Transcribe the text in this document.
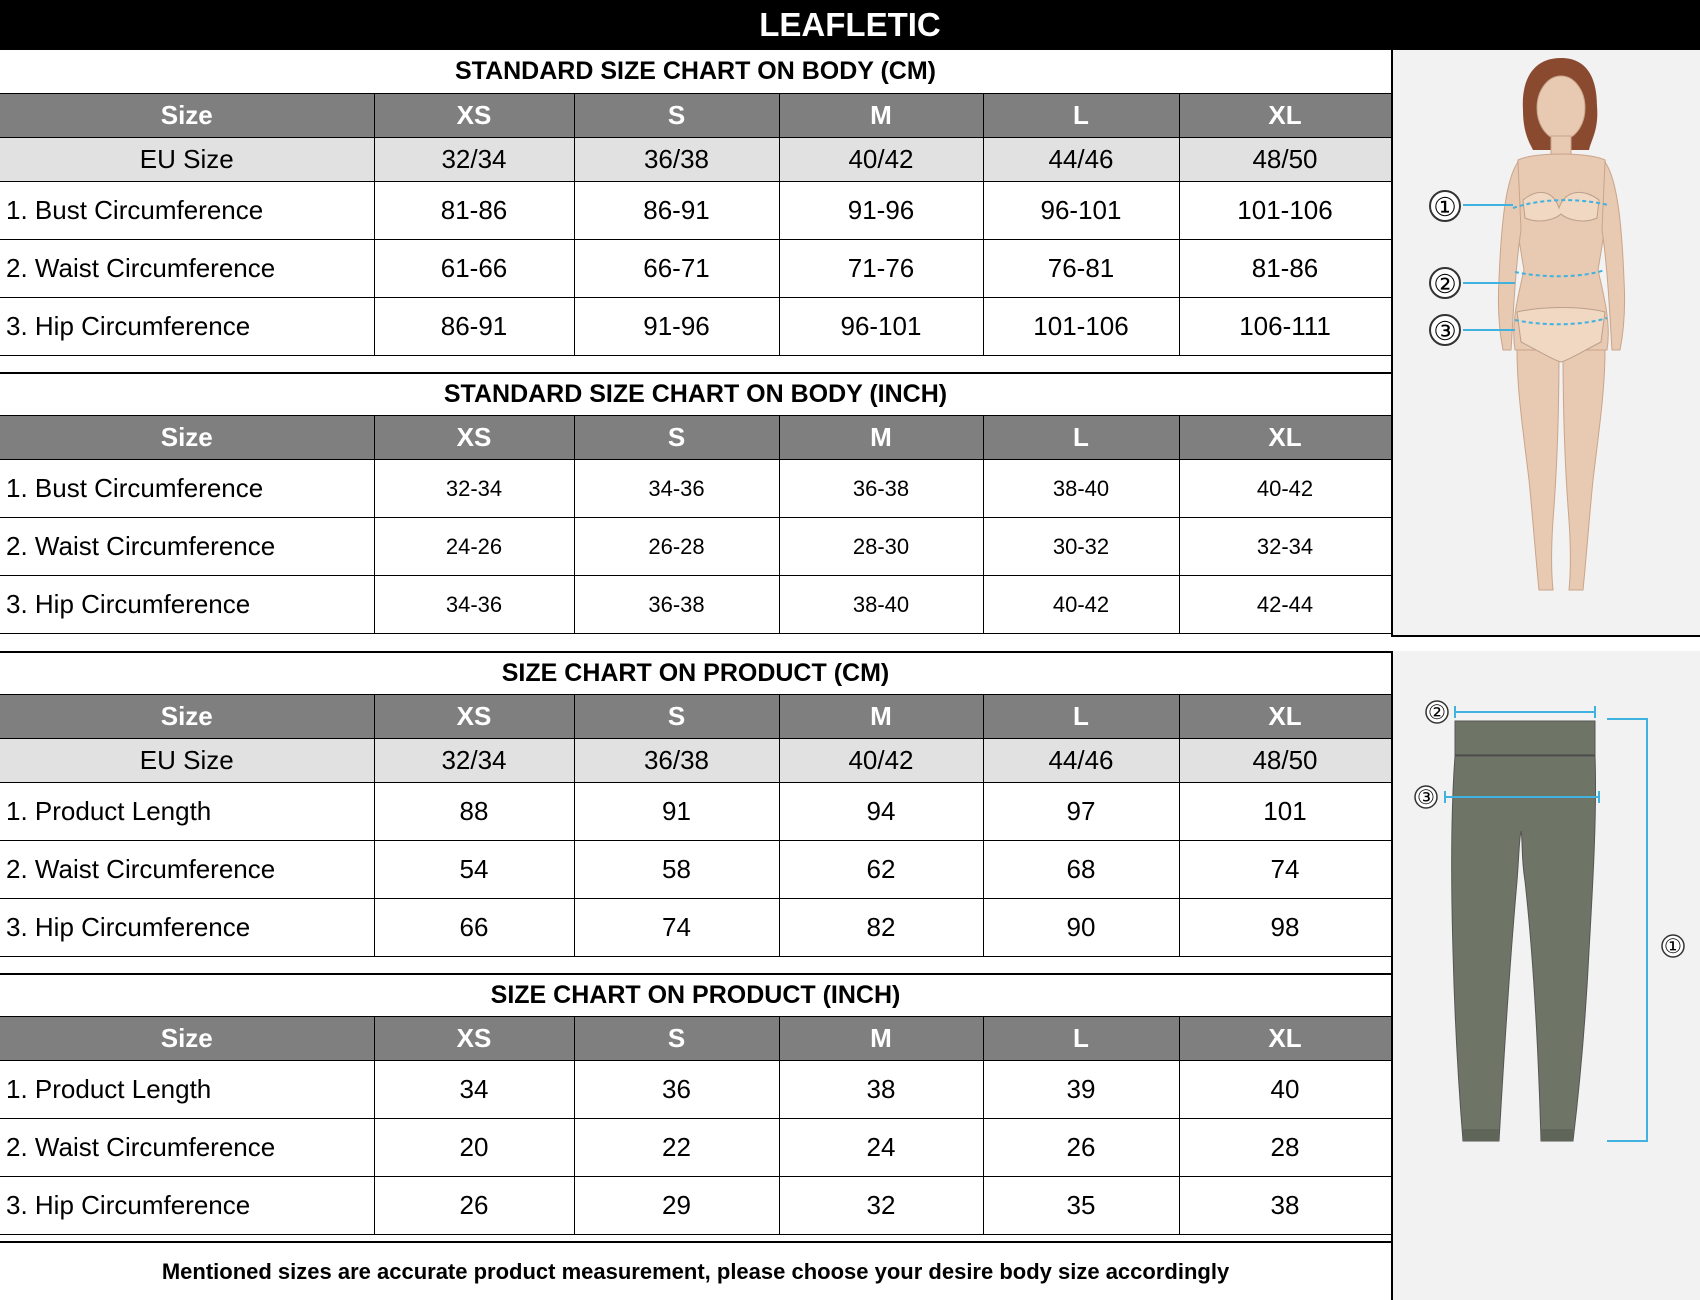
LEAFLETIC
STANDARD SIZE CHART ON BODY (CM)
Size	XS	S	M	L	XL
EU Size	32/34	36/38	40/42	44/46	48/50
1. Bust Circumference	81-86	86-91	91-96	96-101	101-106
2. Waist Circumference	61-66	66-71	71-76	76-81	81-86
3. Hip Circumference	86-91	91-96	96-101	101-106	106-111
STANDARD SIZE CHART ON BODY (INCH)
Size	XS	S	M	L	XL
1. Bust Circumference	32-34	34-36	36-38	38-40	40-42
2. Waist Circumference	24-26	26-28	28-30	30-32	32-34
3. Hip Circumference	34-36	36-38	38-40	40-42	42-44
SIZE CHART ON PRODUCT (CM)
Size	XS	S	M	L	XL
EU Size	32/34	36/38	40/42	44/46	48/50
1. Product Length	88	91	94	97	101
2. Waist Circumference	54	58	62	68	74
3. Hip Circumference	66	74	82	90	98
SIZE CHART ON PRODUCT (INCH)
Size	XS	S	M	L	XL
1. Product Length	34	36	38	39	40
2. Waist Circumference	20	22	24	26	28
3. Hip Circumference	26	29	32	35	38
Mentioned sizes are accurate product measurement, please choose your desire body size accordingly
①
②
③
②
③
①
